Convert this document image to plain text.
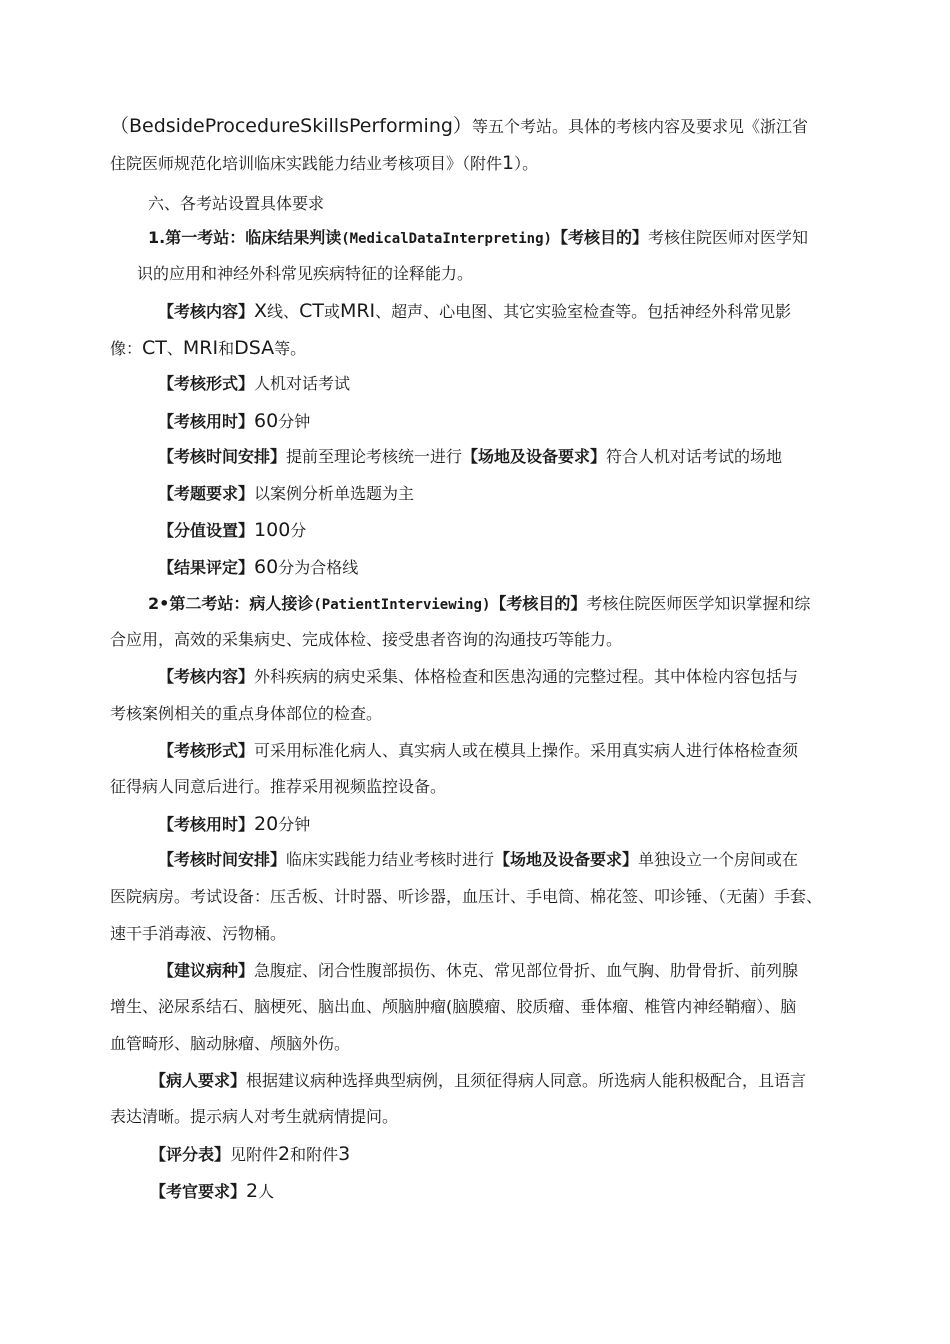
（BedsideProcedureSkillsPerforming）等五个考站。具体的考核内容及要求见《浙江省
住院医师规范化培训临床实践能力结业考核项目》（附件1）。
六、各考站设置具体要求
1.第一考站：临床结果判读(MedicalDataInterpreting)【考核目的】考核住院医师对医学知
识的应用和神经外科常见疾病特征的诠释能力。
【考核内容】X线、CT或MRI、超声、心电图、其它实验室检查等。包括神经外科常见影
像：CT、MRI和DSA等。
【考核形式】人机对话考试
【考核用时】60分钟
【考核时间安排】提前至理论考核统一进行【场地及设备要求】符合人机对话考试的场地
【考题要求】以案例分析单选题为主
【分值设置】100分
【结果评定】60分为合格线
2•第二考站：病人接诊(PatientInterviewing)【考核目的】考核住院医师医学知识掌握和综
合应用，高效的采集病史、完成体检、接受患者咨询的沟通技巧等能力。
【考核内容】外科疾病的病史采集、体格检查和医患沟通的完整过程。其中体检内容包括与
考核案例相关的重点身体部位的检查。
【考核形式】可采用标准化病人、真实病人或在模具上操作。采用真实病人进行体格检查须
征得病人同意后进行。推荐采用视频监控设备。
【考核用时】20分钟
【考核时间安排】临床实践能力结业考核时进行【场地及设备要求】单独设立一个房间或在
医院病房。考试设备：压舌板、计时器、听诊器，血压计、手电筒、棉花签、叩诊锤、（无菌）手套、
速干手消毒液、污物桶。
【建议病种】急腹症、闭合性腹部损伤、休克、常见部位骨折、血气胸、肋骨骨折、前列腺
增生、泌尿系结石、脑梗死、脑出血、颅脑肿瘤(脑膜瘤、胶质瘤、垂体瘤、椎管内神经鞘瘤）、脑
血管畸形、脑动脉瘤、颅脑外伤。
【病人要求】根据建议病种选择典型病例，且须征得病人同意。所选病人能积极配合，且语言
表达清晰。提示病人对考生就病情提问。
【评分表】见附件2和附件3
【考官要求】2人
